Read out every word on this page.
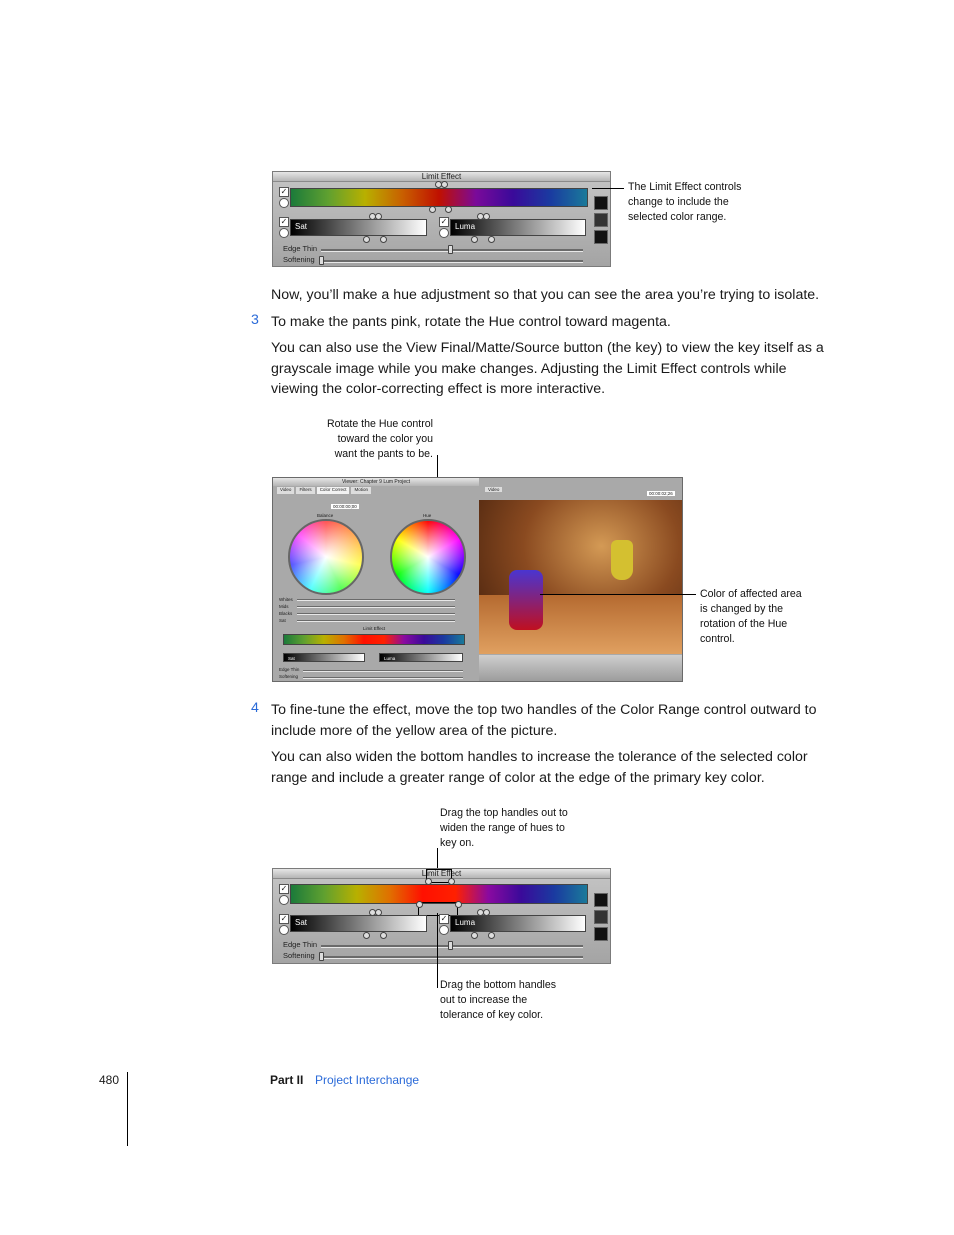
Limit Effect
✓
✓
Sat
✓
Luma
Edge Thin
Softening
The Limit Effect controls change to include the selected color range.
Now, you’ll make a hue adjustment so that you can see the area you’re trying to isolate.
3 To make the pants pink, rotate the Hue control toward magenta.
You can also use the View Final/Matte/Source button (the key) to view the key itself as a grayscale image while you make changes. Adjusting the Limit Effect controls while viewing the color-correcting effect is more interactive.
Rotate the Hue control toward the color you want the pants to be.
Viewer: Chapter 9 Lum Project
Video	Filters	Color Correct	Motion
00:00:00;00
00:00:02;26
Balance	Hue
Whites
Mids
Blacks
Sat
Limit Effect
Sat	Luma
Edge Thin
Softening
Video
Color of affected area is changed by the rotation of the Hue control.
4 To fine-tune the effect, move the top two handles of the Color Range control outward to include more of the yellow area of the picture.
You can also widen the bottom handles to increase the tolerance of the selected color range and include a greater range of color at the edge of the primary key color.
Drag the top handles out to widen the range of hues to key on.
Limit Effect
✓
✓ Sat	✓ Luma
Edge Thin
Softening
Drag the bottom handles out to increase the tolerance of key color.
480	Part II Project Interchange
